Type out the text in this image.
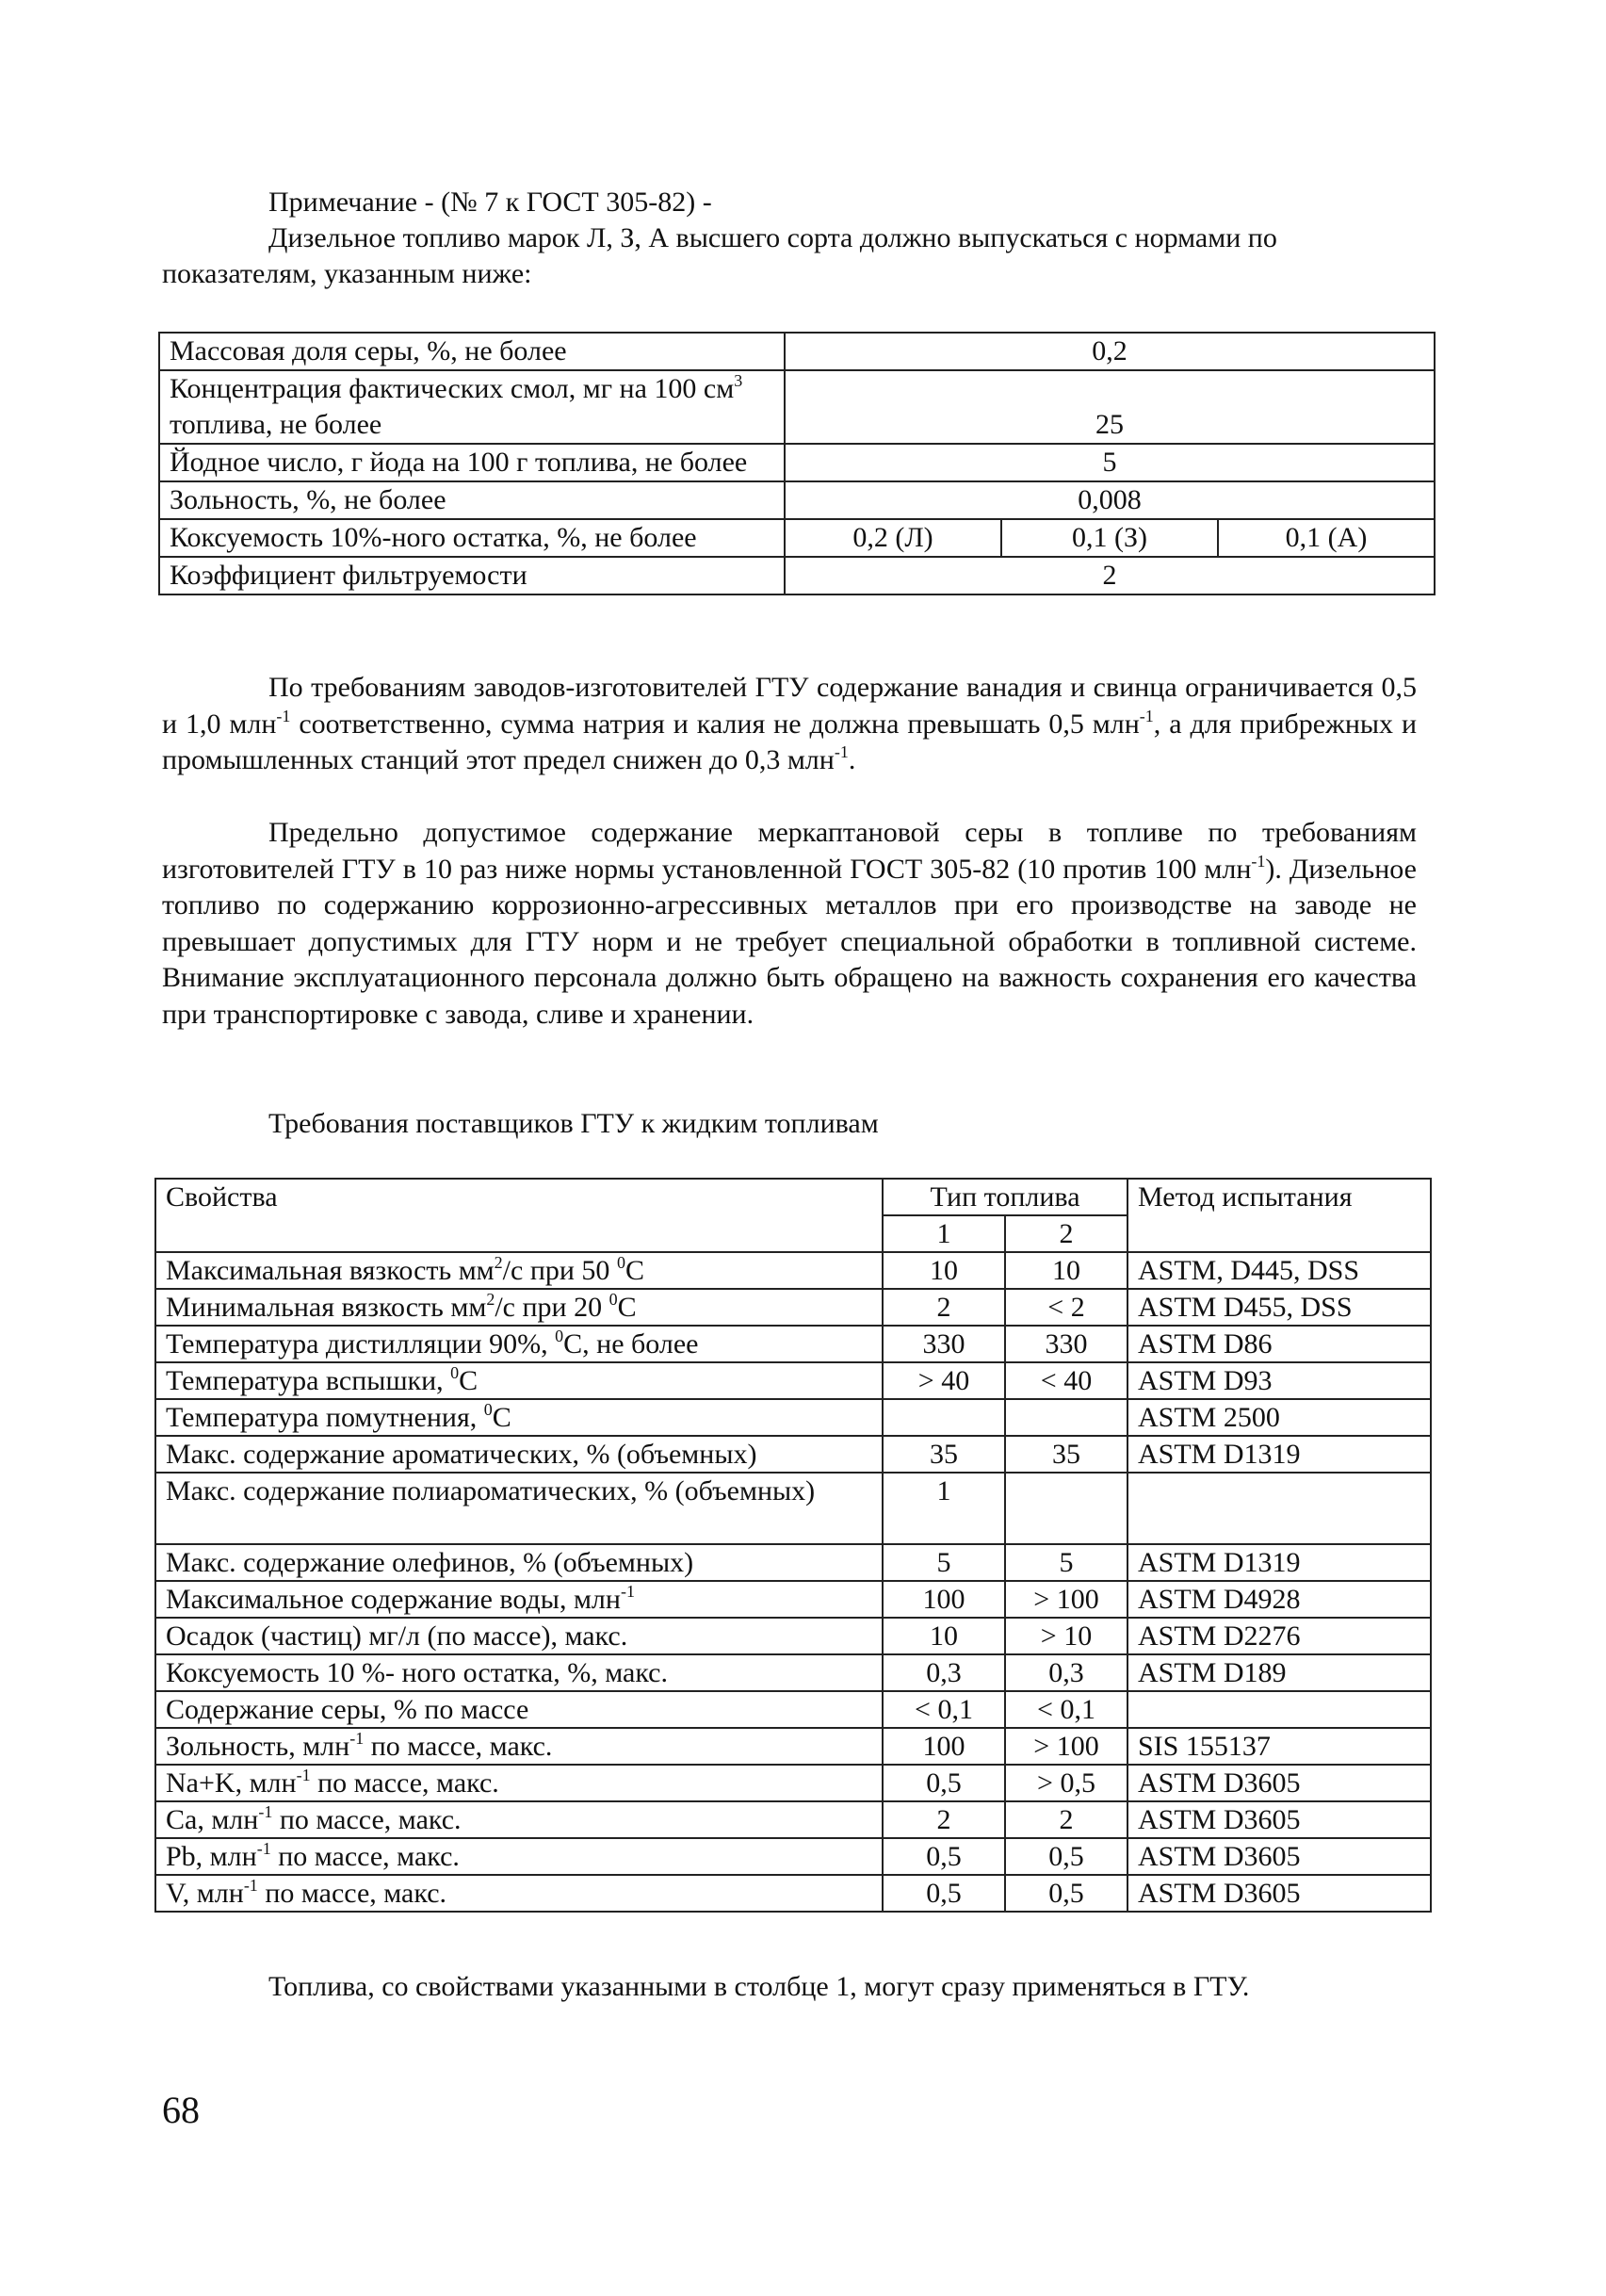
Примечание - (№ 7 к ГОСТ 305-82) -
Дизельное топливо марок Л, З, А высшего сорта должно выпускаться с нормами по показателям, указанным ниже:
Массовая доля серы, %, не более	0,2		
Концентрация фактических смол, мг на 100 $см^3$ топлива, не более	25		
Йодное число, г йода на 100 г топлива, не более	5		
Зольность, %, не более	0,008		
Коксуемость 10%-ного остатка, %, не более	0,2 (Л)	0,1 (З)	0,1 (А)
Коэффициент фильтруемости	2		
По требованиям заводов-изготовителей ГТУ содержание ванадия и свинца ограничивается 0,5 и 1,0 млн$^{-1}$ соответственно, сумма натрия и калия не должна превышать 0,5 млн$^{-1}$, а для прибрежных и промышленных станций этот предел снижен до 0,3 млн$^{-1}$.
Предельно допустимое содержание меркаптановой серы в топливе по требованиям изготовителей ГТУ в 10 раз ниже нормы установленной ГОСТ 305-82 (10 против 100 млн$^{-1}$). Дизельное топливо по содержанию коррозионно-агрессивных металлов при его производстве на заводе не превышает допустимых для ГТУ норм и не требует специальной обработки в топливной системе. Внимание эксплуатационного персонала должно быть обращено на важность сохранения его качества при транспортировке с завода, сливе и хранении.
Требования поставщиков ГТУ к жидким топливам
Свойства	Тип топлива		Метод испытания
	1	2	
Максимальная вязкость $мм^2/с$ при 50 $^0$С	10	10	ASTM, D445, DSS
Минимальная вязкость $мм^2/с$ при 20 $^0$С	2	< 2	ASTM D455, DSS
Температура дистилляции 90%, $^0$С, не более	330	330	ASTM D86
Температура вспышки, $^0$С	> 40	< 40	ASTM D93
Температура помутнения, $^0$С			ASTM 2500
Макс. содержание ароматических, % (объемных)	35	35	ASTM D1319
Макс. содержание полиароматических, % (объемных)	1		
Макс. содержание олефинов, % (объемных)	5	5	ASTM D1319
Максимальное содержание воды, млн$^{-1}$	100	> 100	ASTM D4928
Осадок (частиц) мг/л (по массе), макс.	10	> 10	ASTM D2276
Коксуемость 10 %- ного остатка, %, макс.	0,3	0,3	ASTM D189
Содержание серы, % по массе	< 0,1	< 0,1	
Зольность, млн$^{-1}$ по массе, макс.	100	> 100	SIS 155137
Na+K, млн$^{-1}$ по массе, макс.	0,5	> 0,5	ASTM D3605
Ca, млн$^{-1}$ по массе, макс.	2	2	ASTM D3605
Pb, млн$^{-1}$ по массе, макс.	0,5	0,5	ASTM D3605
V, млн$^{-1}$ по массе, макс.	0,5	0,5	ASTM D3605
Топлива, со свойствами указанными в столбце 1, могут сразу применяться в ГТУ.
68
